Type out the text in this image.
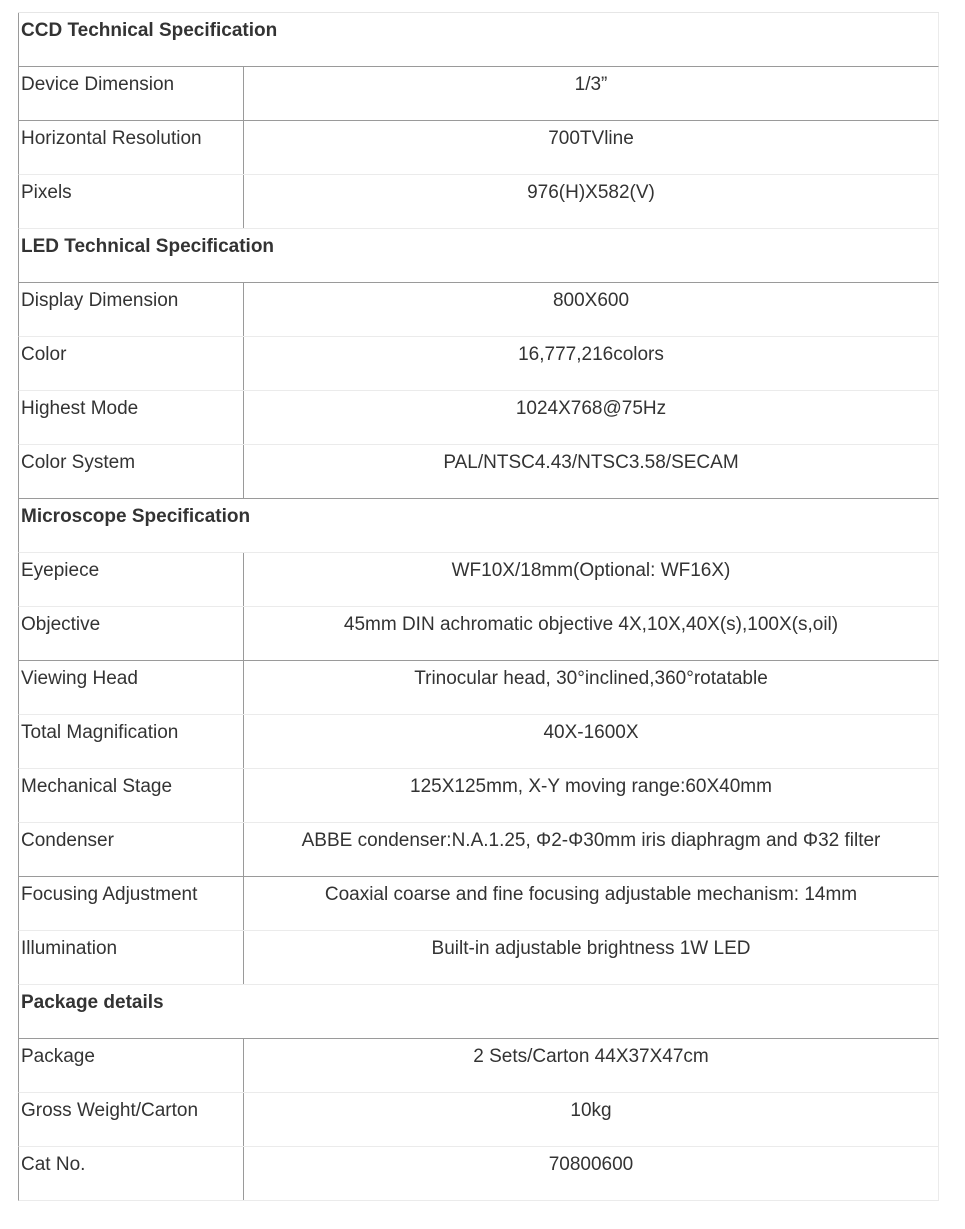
CCD Technical Specification
Device Dimension	1/3”
Horizontal Resolution	700TVline
Pixels	976(H)X582(V)
LED Technical Specification
Display Dimension	800X600
Color	16,777,216colors
Highest Mode	1024X768@75Hz
Color System	PAL/NTSC4.43/NTSC3.58/SECAM
Microscope Specification
Eyepiece	WF10X/18mm(Optional: WF16X)
Objective	45mm DIN achromatic objective 4X,10X,40X(s),100X(s,oil)
Viewing Head	Trinocular head, 30°inclined,360°rotatable
Total Magnification	40X-1600X
Mechanical Stage	125X125mm, X-Y moving range:60X40mm
Condenser	ABBE condenser:N.A.1.25, Φ2-Φ30mm iris diaphragm and Φ32 filter
Focusing Adjustment	Coaxial coarse and fine focusing adjustable mechanism: 14mm
Illumination	Built-in adjustable brightness 1W LED
Package details
Package	2 Sets/Carton 44X37X47cm
Gross Weight/Carton	10kg
Cat No.	70800600
